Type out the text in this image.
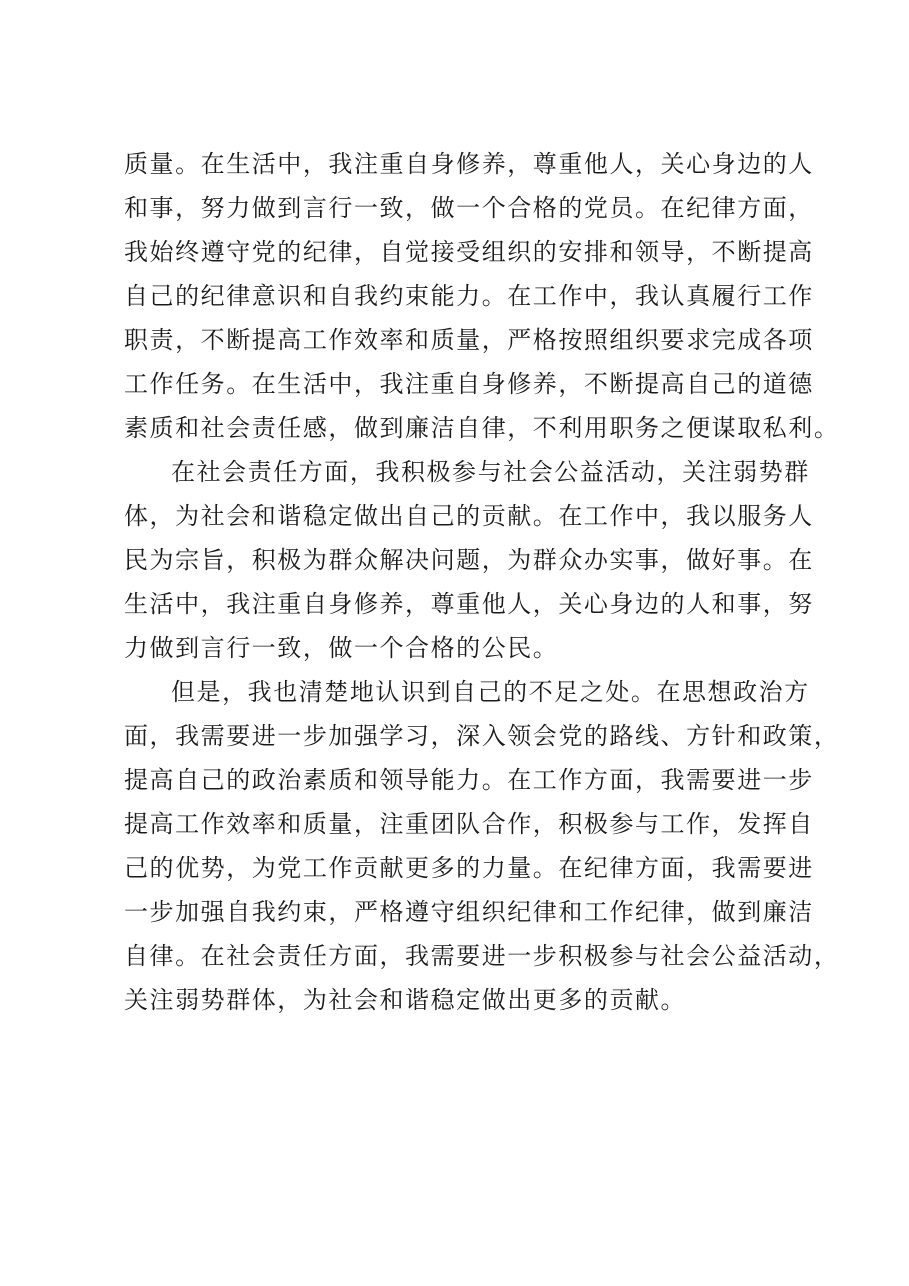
质量。在生活中，我注重自身修养，尊重他人，关心身边的人
和事，努力做到言行一致，做一个合格的党员。在纪律方面，
我始终遵守党的纪律，自觉接受组织的安排和领导，不断提高
自己的纪律意识和自我约束能力。在工作中，我认真履行工作
职责，不断提高工作效率和质量，严格按照组织要求完成各项
工作任务。在生活中，我注重自身修养，不断提高自己的道德
素质和社会责任感，做到廉洁自律，不利用职务之便谋取私利。
在社会责任方面，我积极参与社会公益活动，关注弱势群
体，为社会和谐稳定做出自己的贡献。在工作中，我以服务人
民为宗旨，积极为群众解决问题，为群众办实事，做好事。在
生活中，我注重自身修养，尊重他人，关心身边的人和事，努
力做到言行一致，做一个合格的公民。
但是，我也清楚地认识到自己的不足之处。在思想政治方
面，我需要进一步加强学习，深入领会党的路线、方针和政策，
提高自己的政治素质和领导能力。在工作方面，我需要进一步
提高工作效率和质量，注重团队合作，积极参与工作，发挥自
己的优势，为党工作贡献更多的力量。在纪律方面，我需要进
一步加强自我约束，严格遵守组织纪律和工作纪律，做到廉洁
自律。在社会责任方面，我需要进一步积极参与社会公益活动，
关注弱势群体，为社会和谐稳定做出更多的贡献。
